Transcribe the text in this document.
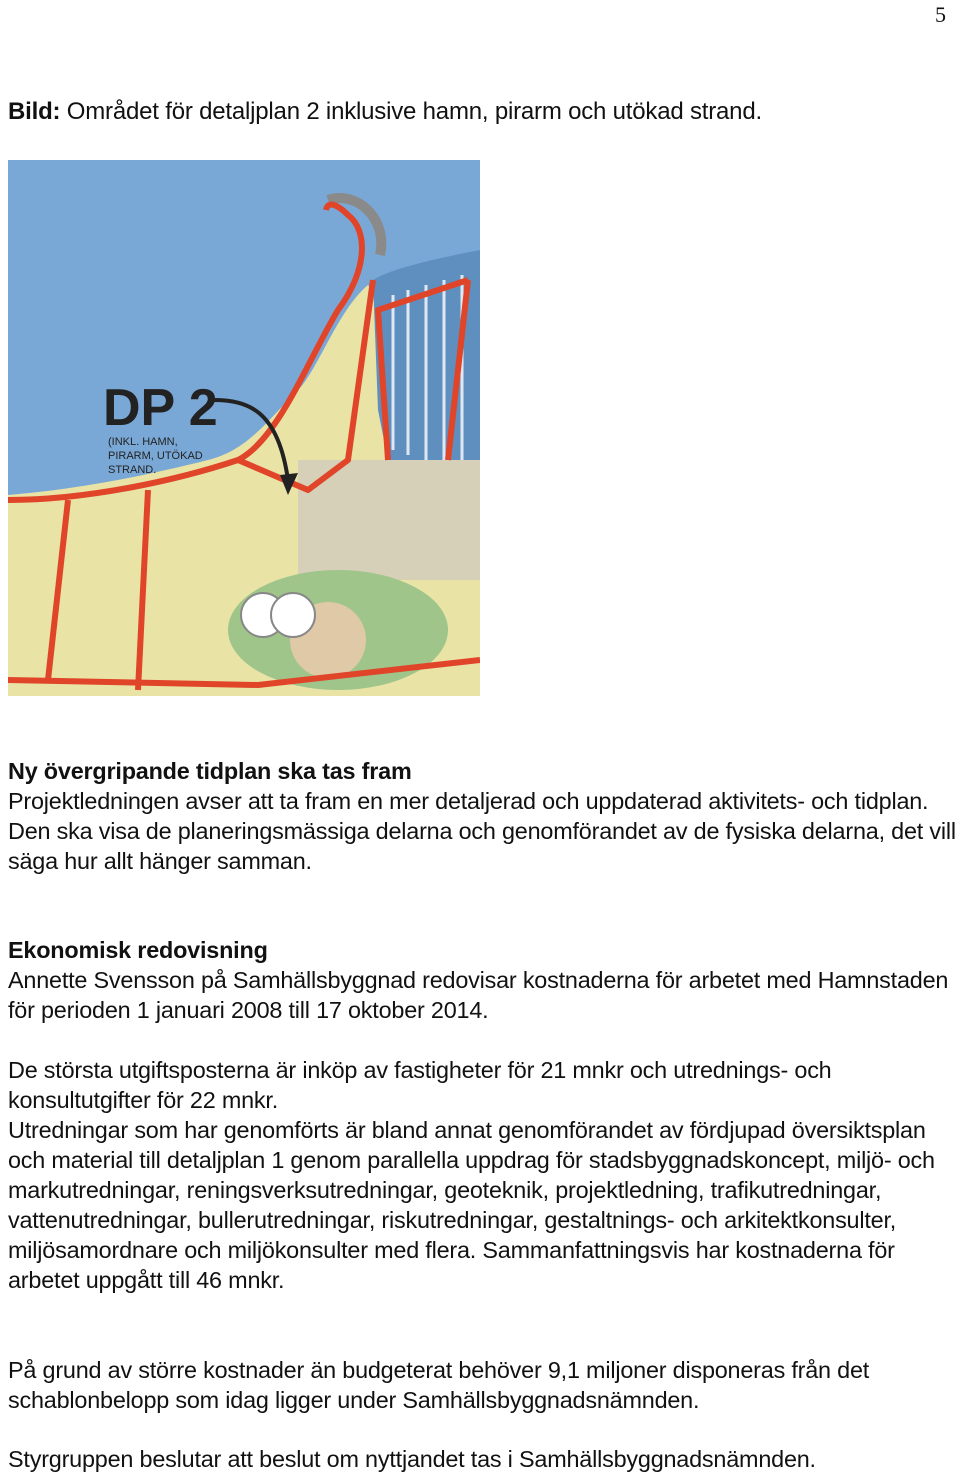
5
Bild: Området för detaljplan 2 inklusive hamn, pirarm och utökad strand.
DP 2
(INKL. HAMN,
PIRARM, UTÖKAD
STRAND.
Ny övergripande tidplan ska tas fram

Projektledningen avser att ta fram en mer detaljerad och uppdaterad aktivitets- och tidplan. Den ska visa de planeringsmässiga delarna och genomförandet av de fysiska delarna, det vill säga hur allt hänger samman.

Ekonomisk redovisning

Annette Svensson på Samhällsbyggnad redovisar kostnaderna för arbetet med Hamnstaden för perioden 1 januari 2008 till 17 oktober 2014.

De största utgiftsposterna är inköp av fastigheter för 21 mnkr och utrednings- och konsultutgifter för 22 mnkr.

Utredningar som har genomförts är bland annat genomförandet av fördjupad översiktsplan och material till detaljplan 1 genom parallella uppdrag för stadsbyggnadskoncept, miljö- och markutredningar, reningsverksutredningar, geoteknik, projektledning, trafikutredningar, vattenutredningar, bullerutredningar, riskutredningar, gestaltnings- och arkitektkonsulter, miljösamordnare och miljökonsulter med flera. Sammanfattningsvis har kostnaderna för arbetet uppgått till 46 mnkr.

På grund av större kostnader än budgeterat behöver 9,1 miljoner disponeras från det schablonbelopp som idag ligger under Samhällsbyggnadsnämnden.

Styrgruppen beslutar att beslut om nyttjandet tas i Samhällsbyggnadsnämnden.
